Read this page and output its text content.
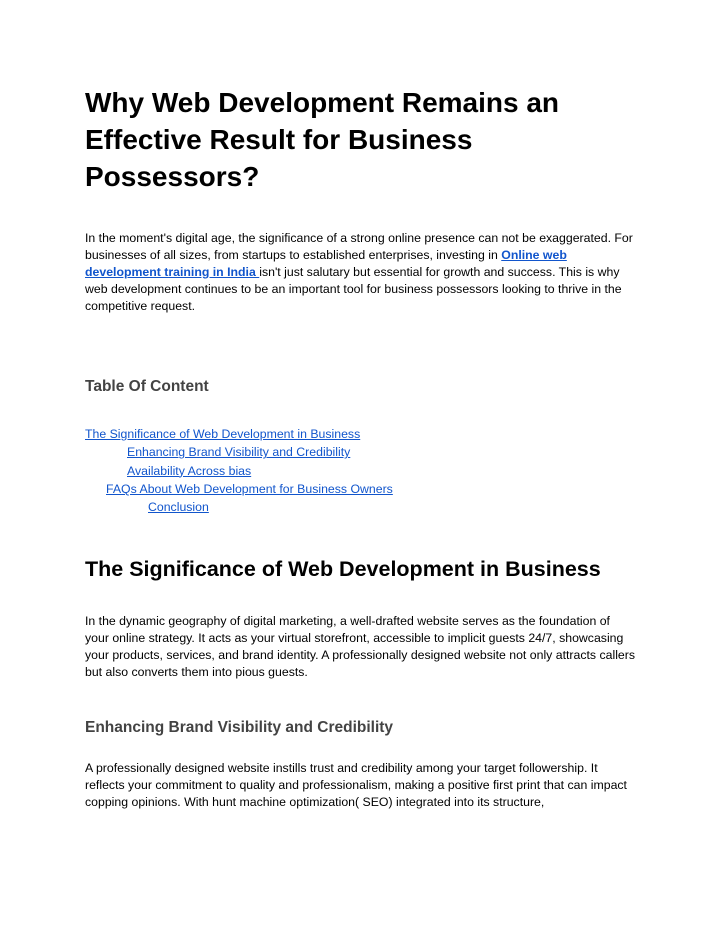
Why Web Development Remains an Effective Result for Business Possessors?

In the moment's digital age, the significance of a strong online presence can not be exaggerated. For businesses of all sizes, from startups to established enterprises, investing in Online web development training in India isn't just salutary but essential for growth and success. This is why web development continues to be an important tool for business possessors looking to thrive in the competitive request.

Table Of Content
The Significance of Web Development in Business
Enhancing Brand Visibility and Credibility
Availability Across bias
FAQs About Web Development for Business Owners
Conclusion
The Significance of Web Development in Business

In the dynamic geography of digital marketing, a well-drafted website serves as the foundation of your online strategy. It acts as your virtual storefront, accessible to implicit guests 24/7, showcasing your products, services, and brand identity. A professionally designed website not only attracts callers but also converts them into pious guests.

Enhancing Brand Visibility and Credibility

A professionally designed website instills trust and credibility among your target followership. It reflects your commitment to quality and professionalism, making a positive first print that can impact copping opinions. With hunt machine optimization( SEO) integrated into its structure,
